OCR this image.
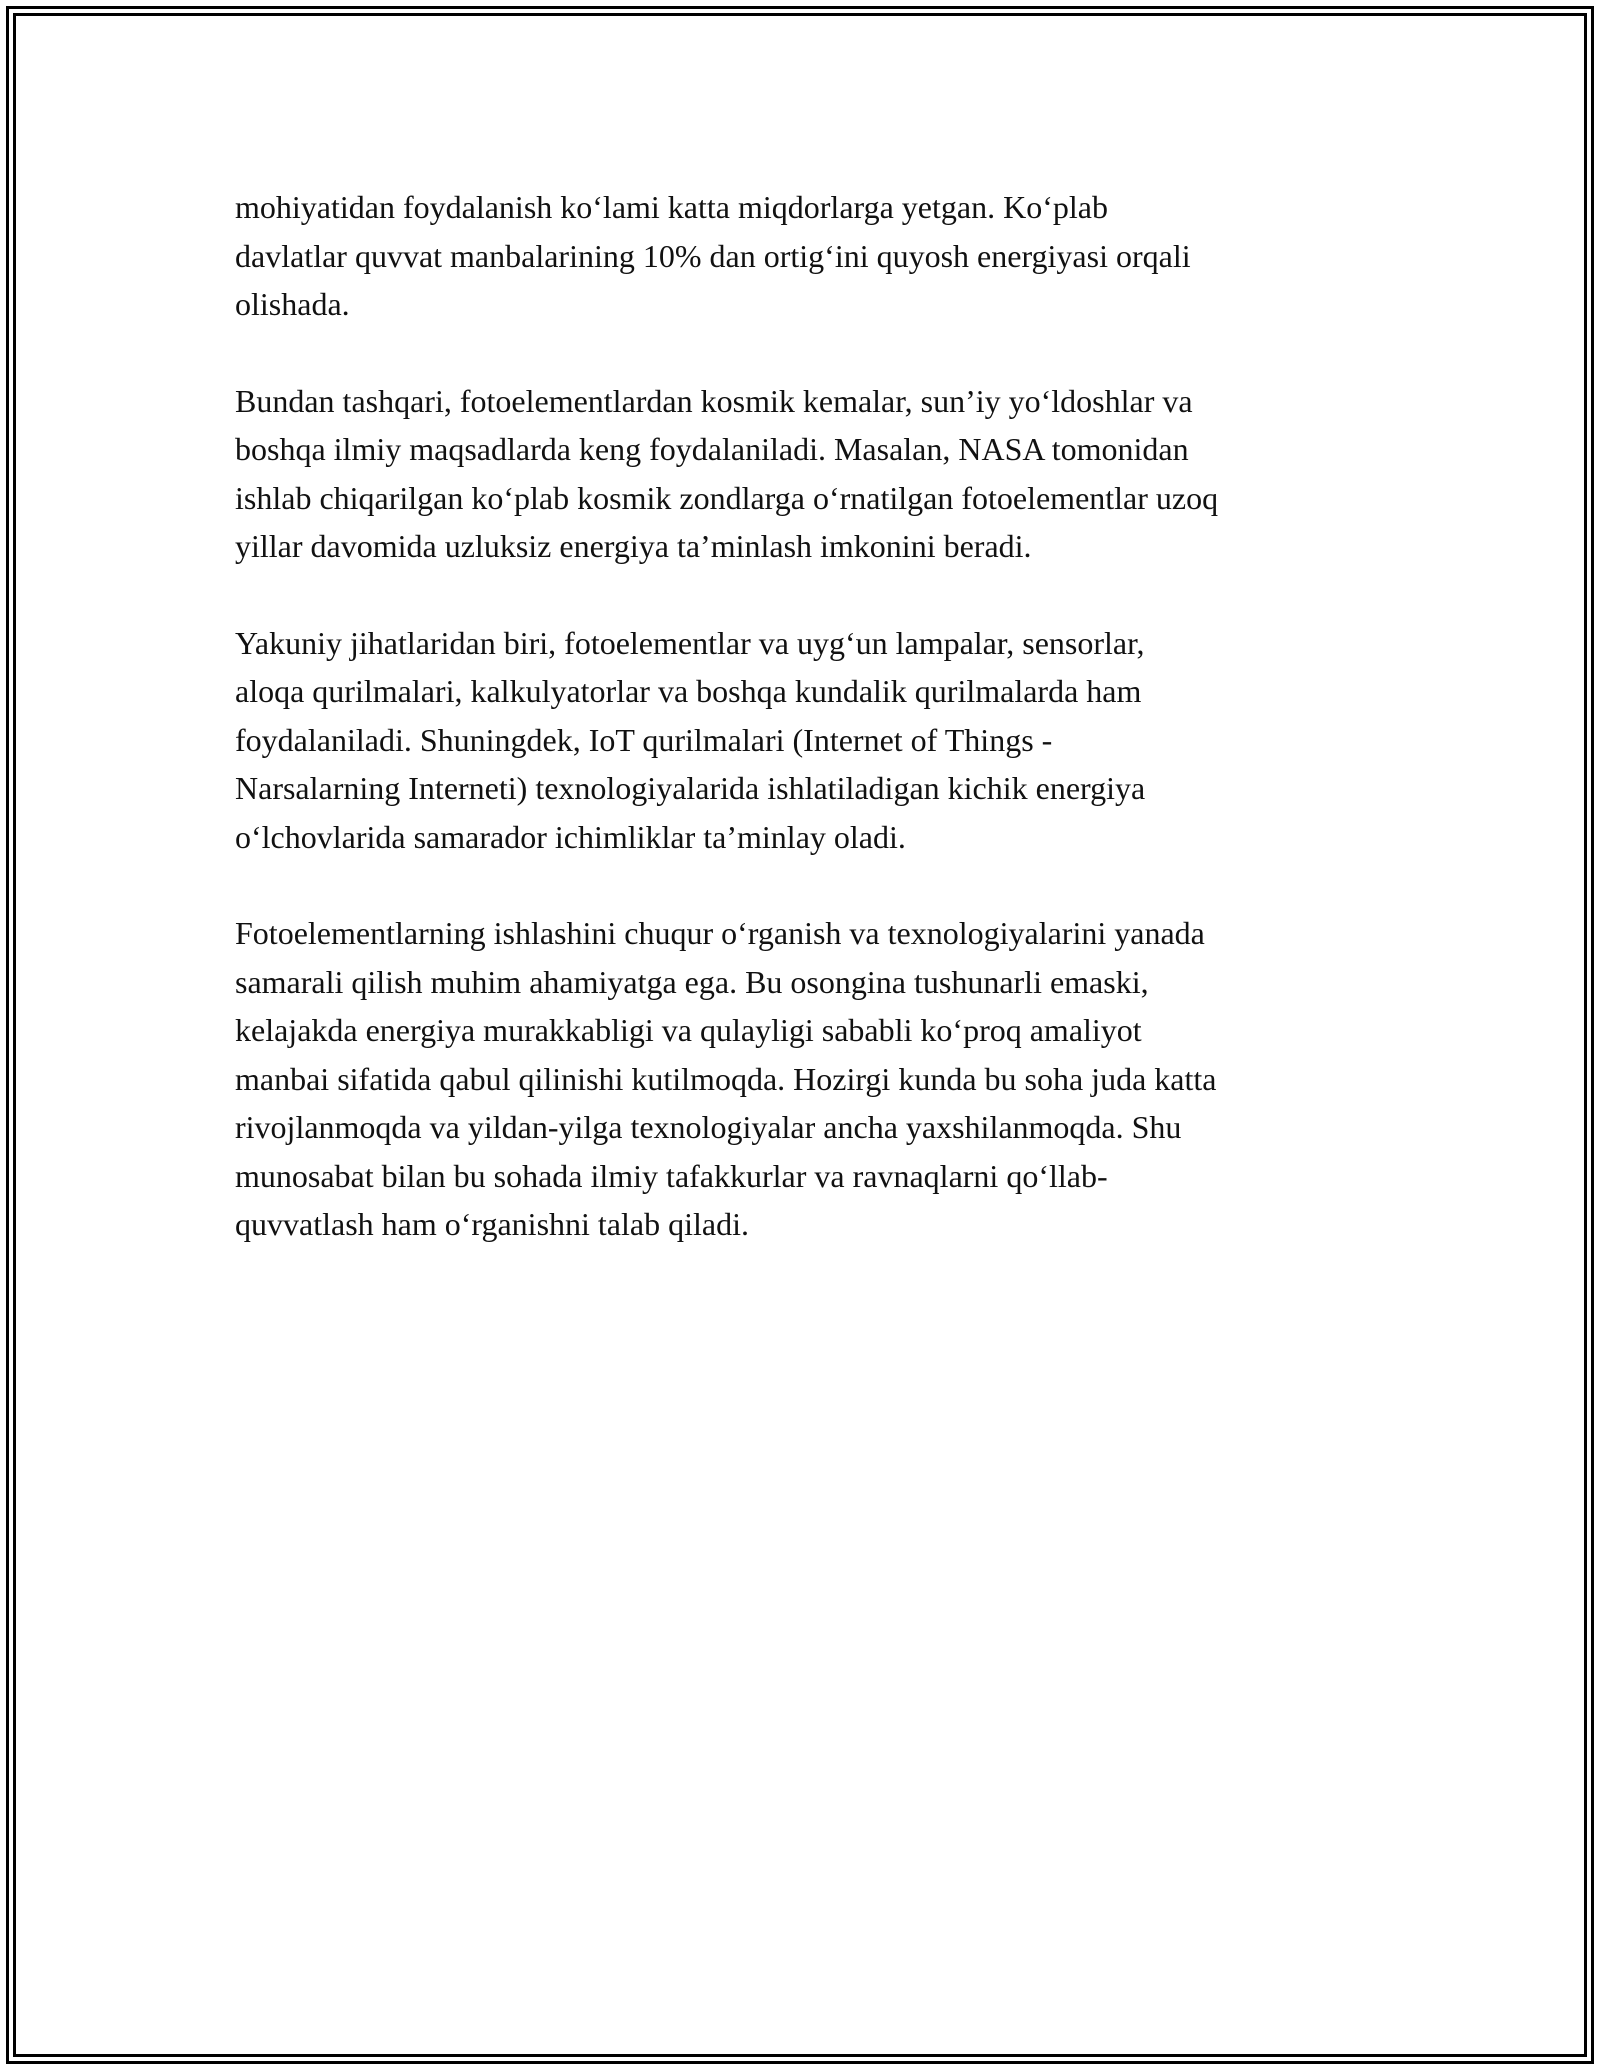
mohiyatidan foydalanish ko‘lami katta miqdorlarga yetgan. Ko‘plab
davlatlar quvvat manbalarining 10% dan ortig‘ini quyosh energiyasi orqali
olishada.

Bundan tashqari, fotoelementlardan kosmik kemalar, sun’iy yo‘ldoshlar va
boshqa ilmiy maqsadlarda keng foydalaniladi. Masalan, NASA tomonidan
ishlab chiqarilgan ko‘plab kosmik zondlarga o‘rnatilgan fotoelementlar uzoq
yillar davomida uzluksiz energiya ta’minlash imkonini beradi.

Yakuniy jihatlaridan biri, fotoelementlar va uyg‘un lampalar, sensorlar,
aloqa qurilmalari, kalkulyatorlar va boshqa kundalik qurilmalarda ham
foydalaniladi. Shuningdek, IoT qurilmalari (Internet of Things -
Narsalarning Interneti) texnologiyalarida ishlatiladigan kichik energiya
o‘lchovlarida samarador ichimliklar ta’minlay oladi.

Fotoelementlarning ishlashini chuqur o‘rganish va texnologiyalarini yanada
samarali qilish muhim ahamiyatga ega. Bu osongina tushunarli emaski,
kelajakda energiya murakkabligi va qulayligi sababli ko‘proq amaliyot
manbai sifatida qabul qilinishi kutilmoqda. Hozirgi kunda bu soha juda katta
rivojlanmoqda va yildan-yilga texnologiyalar ancha yaxshilanmoqda. Shu
munosabat bilan bu sohada ilmiy tafakkurlar va ravnaqlarni qo‘llab-
quvvatlash ham o‘rganishni talab qiladi.
